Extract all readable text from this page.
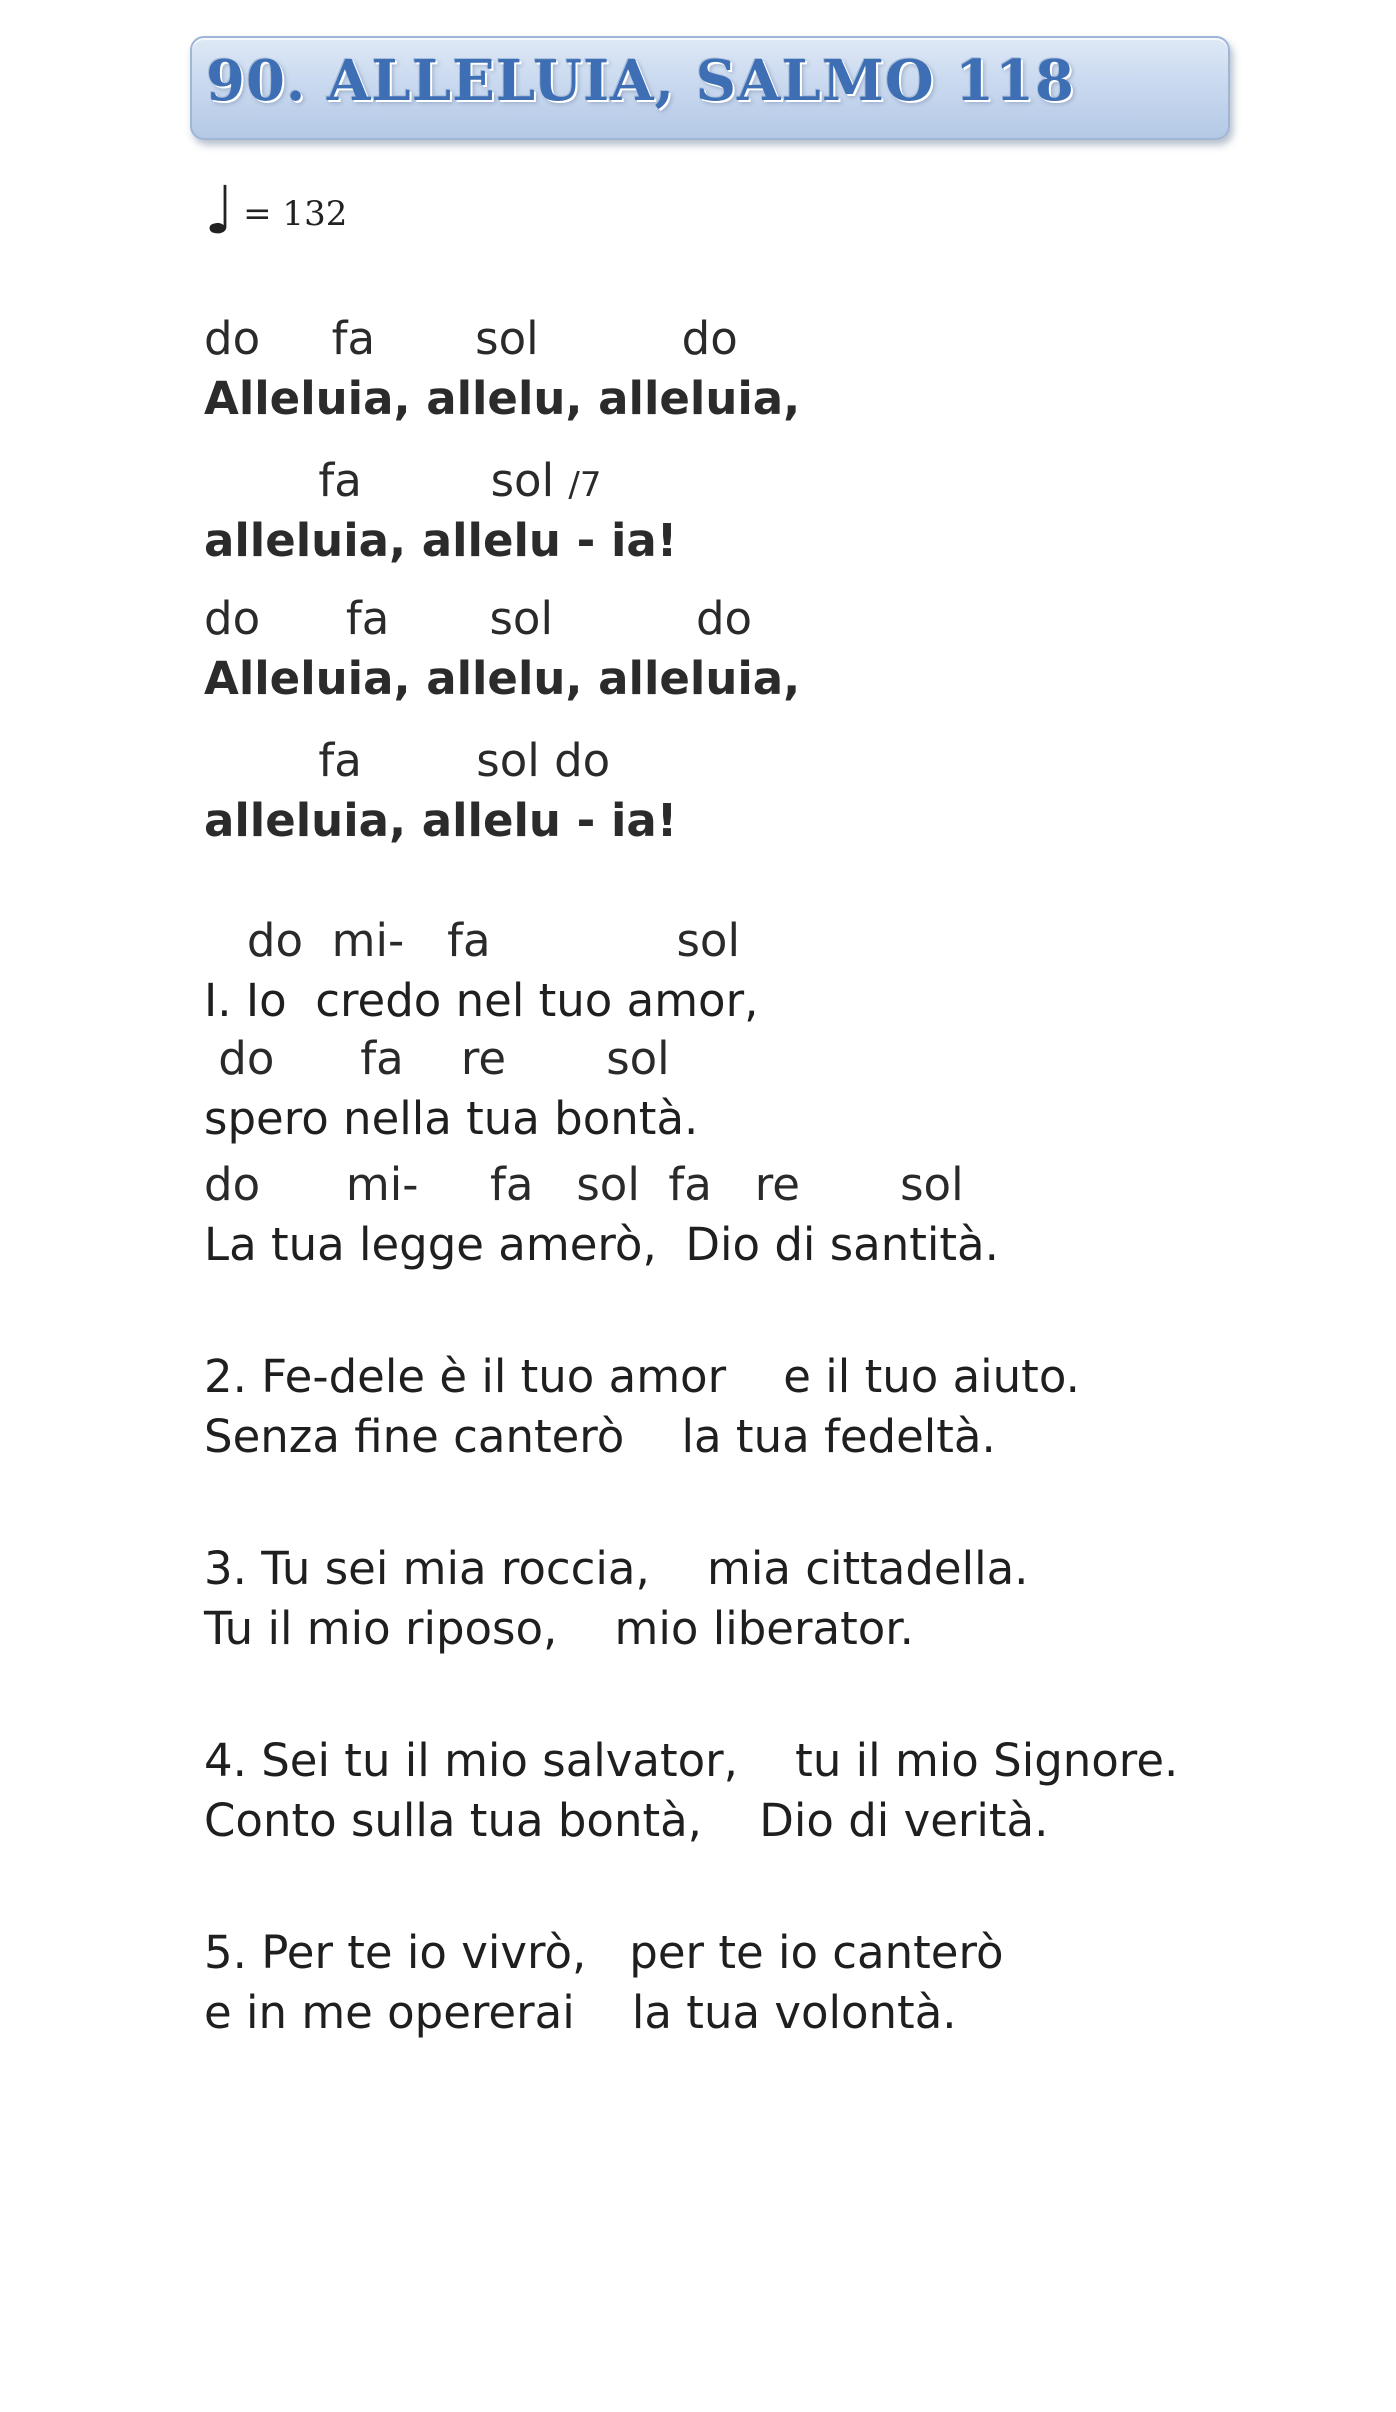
90. ALLELUIA, SALMO 118
♩ = 132
do     fa       sol          do
Alleluia, allelu, alleluia,
fa         sol /7
alleluia, allelu - ia!
do      fa       sol          do
Alleluia, allelu, alleluia,
fa        sol do
alleluia, allelu - ia!
do  mi-   fa             sol
I. Io  credo nel tuo amor,
do      fa    re       sol
spero nella tua bontà.
do      mi-     fa   sol  fa   re       sol
La tua legge amerò,  Dio di santità.
2. Fe-dele è il tuo amor    e il tuo aiuto.
Senza fine canterò    la tua fedeltà.
3. Tu sei mia roccia,    mia cittadella.
Tu il mio riposo,    mio liberator.
4. Sei tu il mio salvator,    tu il mio Signore.
Conto sulla tua bontà,    Dio di verità.
5. Per te io vivrò,   per te io canterò
e in me opererai    la tua volontà.
